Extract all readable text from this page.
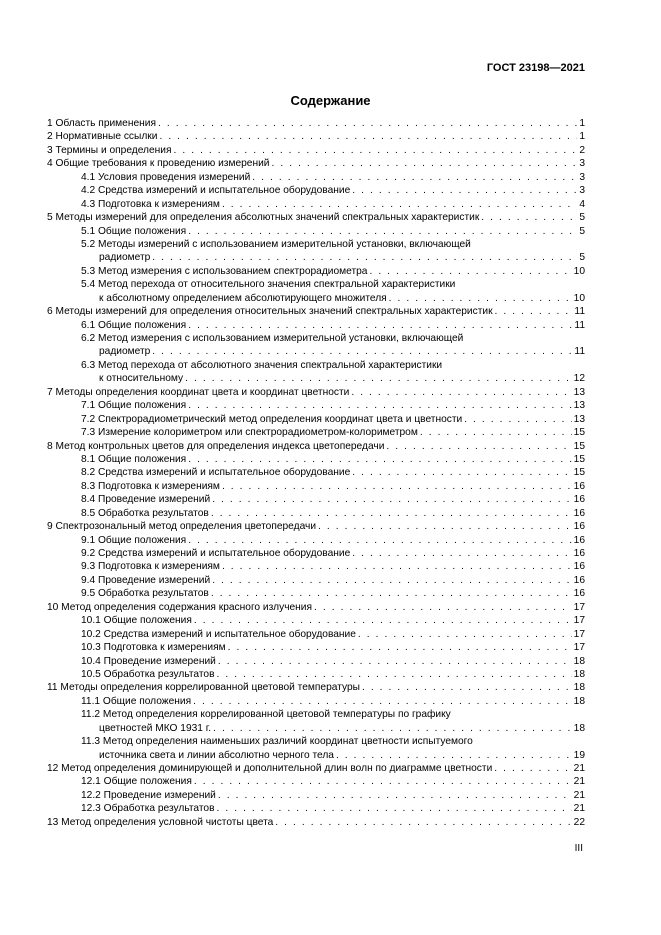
ГОСТ 23198—2021
Содержание
1 Область применения . . .	1
2 Нормативные ссылки . . .	1
3 Термины и определения . . .	2
4 Общие требования к проведению измерений . . .	3
4.1 Условия проведения измерений . . .	3
4.2 Средства измерений и испытательное оборудование . . .	3
4.3 Подготовка к измерениям . . .	4
5 Методы измерений для определения абсолютных значений спектральных характеристик . . .	5
5.1 Общие положения . . .	5
5.2 Методы измерений с использованием измерительной установки, включающей
радиометр . . .	5
5.3 Метод измерения с использованием спектрорадиометра . . .	10
5.4 Метод перехода от относительного значения спектральной характеристики
к абсолютному определением абсолютирующего множителя . . .	10
6 Методы измерений для определения относительных значений спектральных характеристик . . .	11
6.1 Общие положения . . .	11
6.2 Метод измерения с использованием измерительной установки, включающей
радиометр . . .	11
6.3 Метод перехода от абсолютного значения спектральной характеристики
к относительному . . .	12
7 Методы определения координат цвета и координат цветности . . .	13
7.1 Общие положения . . .	13
7.2 Спектрорадиометрический метод определения координат цвета и цветности . . .	13
7.3 Измерение колориметром или спектрорадиометром-колориметром . . .	15
8 Метод контрольных цветов для определения индекса цветопередачи . . .	15
8.1 Общие положения . . .	15
8.2 Средства измерений и испытательное оборудование . . .	15
8.3 Подготовка к измерениям . . .	16
8.4 Проведение измерений . . .	16
8.5 Обработка результатов . . .	16
9 Спектрозональный метод определения цветопередачи . . .	16
9.1 Общие положения . . .	16
9.2 Средства измерений и испытательное оборудование . . .	16
9.3 Подготовка к измерениям . . .	16
9.4 Проведение измерений . . .	16
9.5 Обработка результатов . . .	16
10 Метод определения содержания красного излучения . . .	17
10.1 Общие положения . . .	17
10.2 Средства измерений и испытательное оборудование . . .	17
10.3 Подготовка к измерениям . . .	17
10.4 Проведение измерений . . .	18
10.5 Обработка результатов . . .	18
11 Методы определения коррелированной цветовой температуры . . .	18
11.1 Общие положения . . .	18
11.2 Метод определения коррелированной цветовой температуры по графику
цветностей МКО 1931 г. . . .	18
11.3 Метод определения наименьших различий координат цветности испытуемого
источника света и линии абсолютно черного тела . . .	19
12 Метод определения доминирующей и дополнительной длин волн по диаграмме цветности . . .	21
12.1 Общие положения . . .	21
12.2 Проведение измерений . . .	21
12.3 Обработка результатов . . .	21
13 Метод определения условной чистоты цвета . . .	22
III
